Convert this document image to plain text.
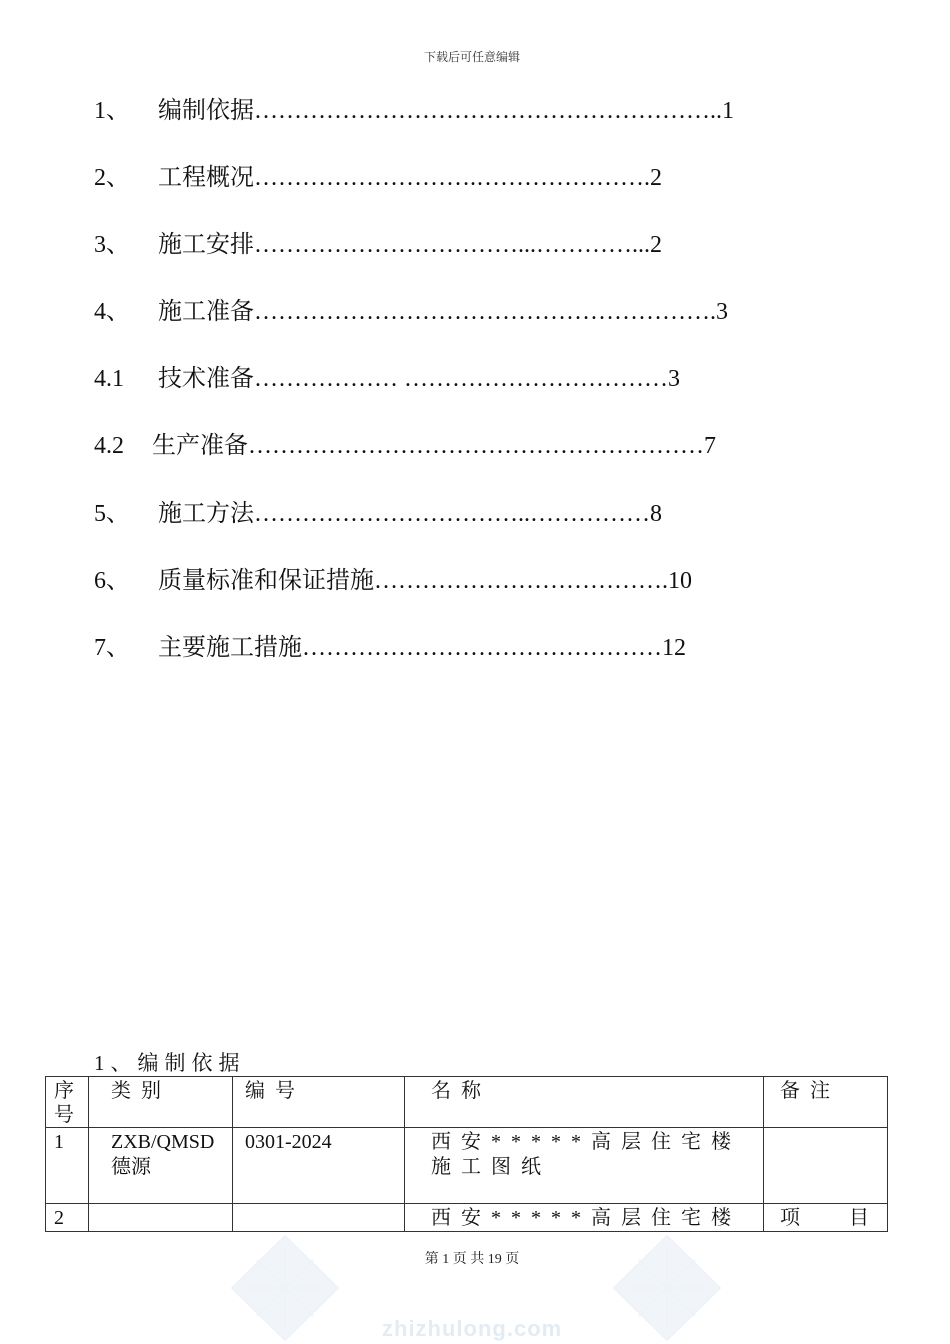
下载后可任意编辑
1、 编制依据…………………………………………………..1
2、 工程概况……………………….………………….2
3、 施工安排……………………………...…………...2
4、 施工准备………………………………………………….3
4.1 技术准备……………… ……………………………3
4.2 生产准备…………………………………………………7
5、 施工方法……………………………..……………8
6、 质量标准和保证措施……………………………….10
7、 主要施工措施………………………………………12
1、编制依据
序号	类别	编号	名称	备注
1	ZXB/QMSD 德源	0301-2024	西安*****高层住宅楼施工图纸	
2			西安*****高层住宅楼	项目
第 1 页 共 19 页
zhizhulong.com
